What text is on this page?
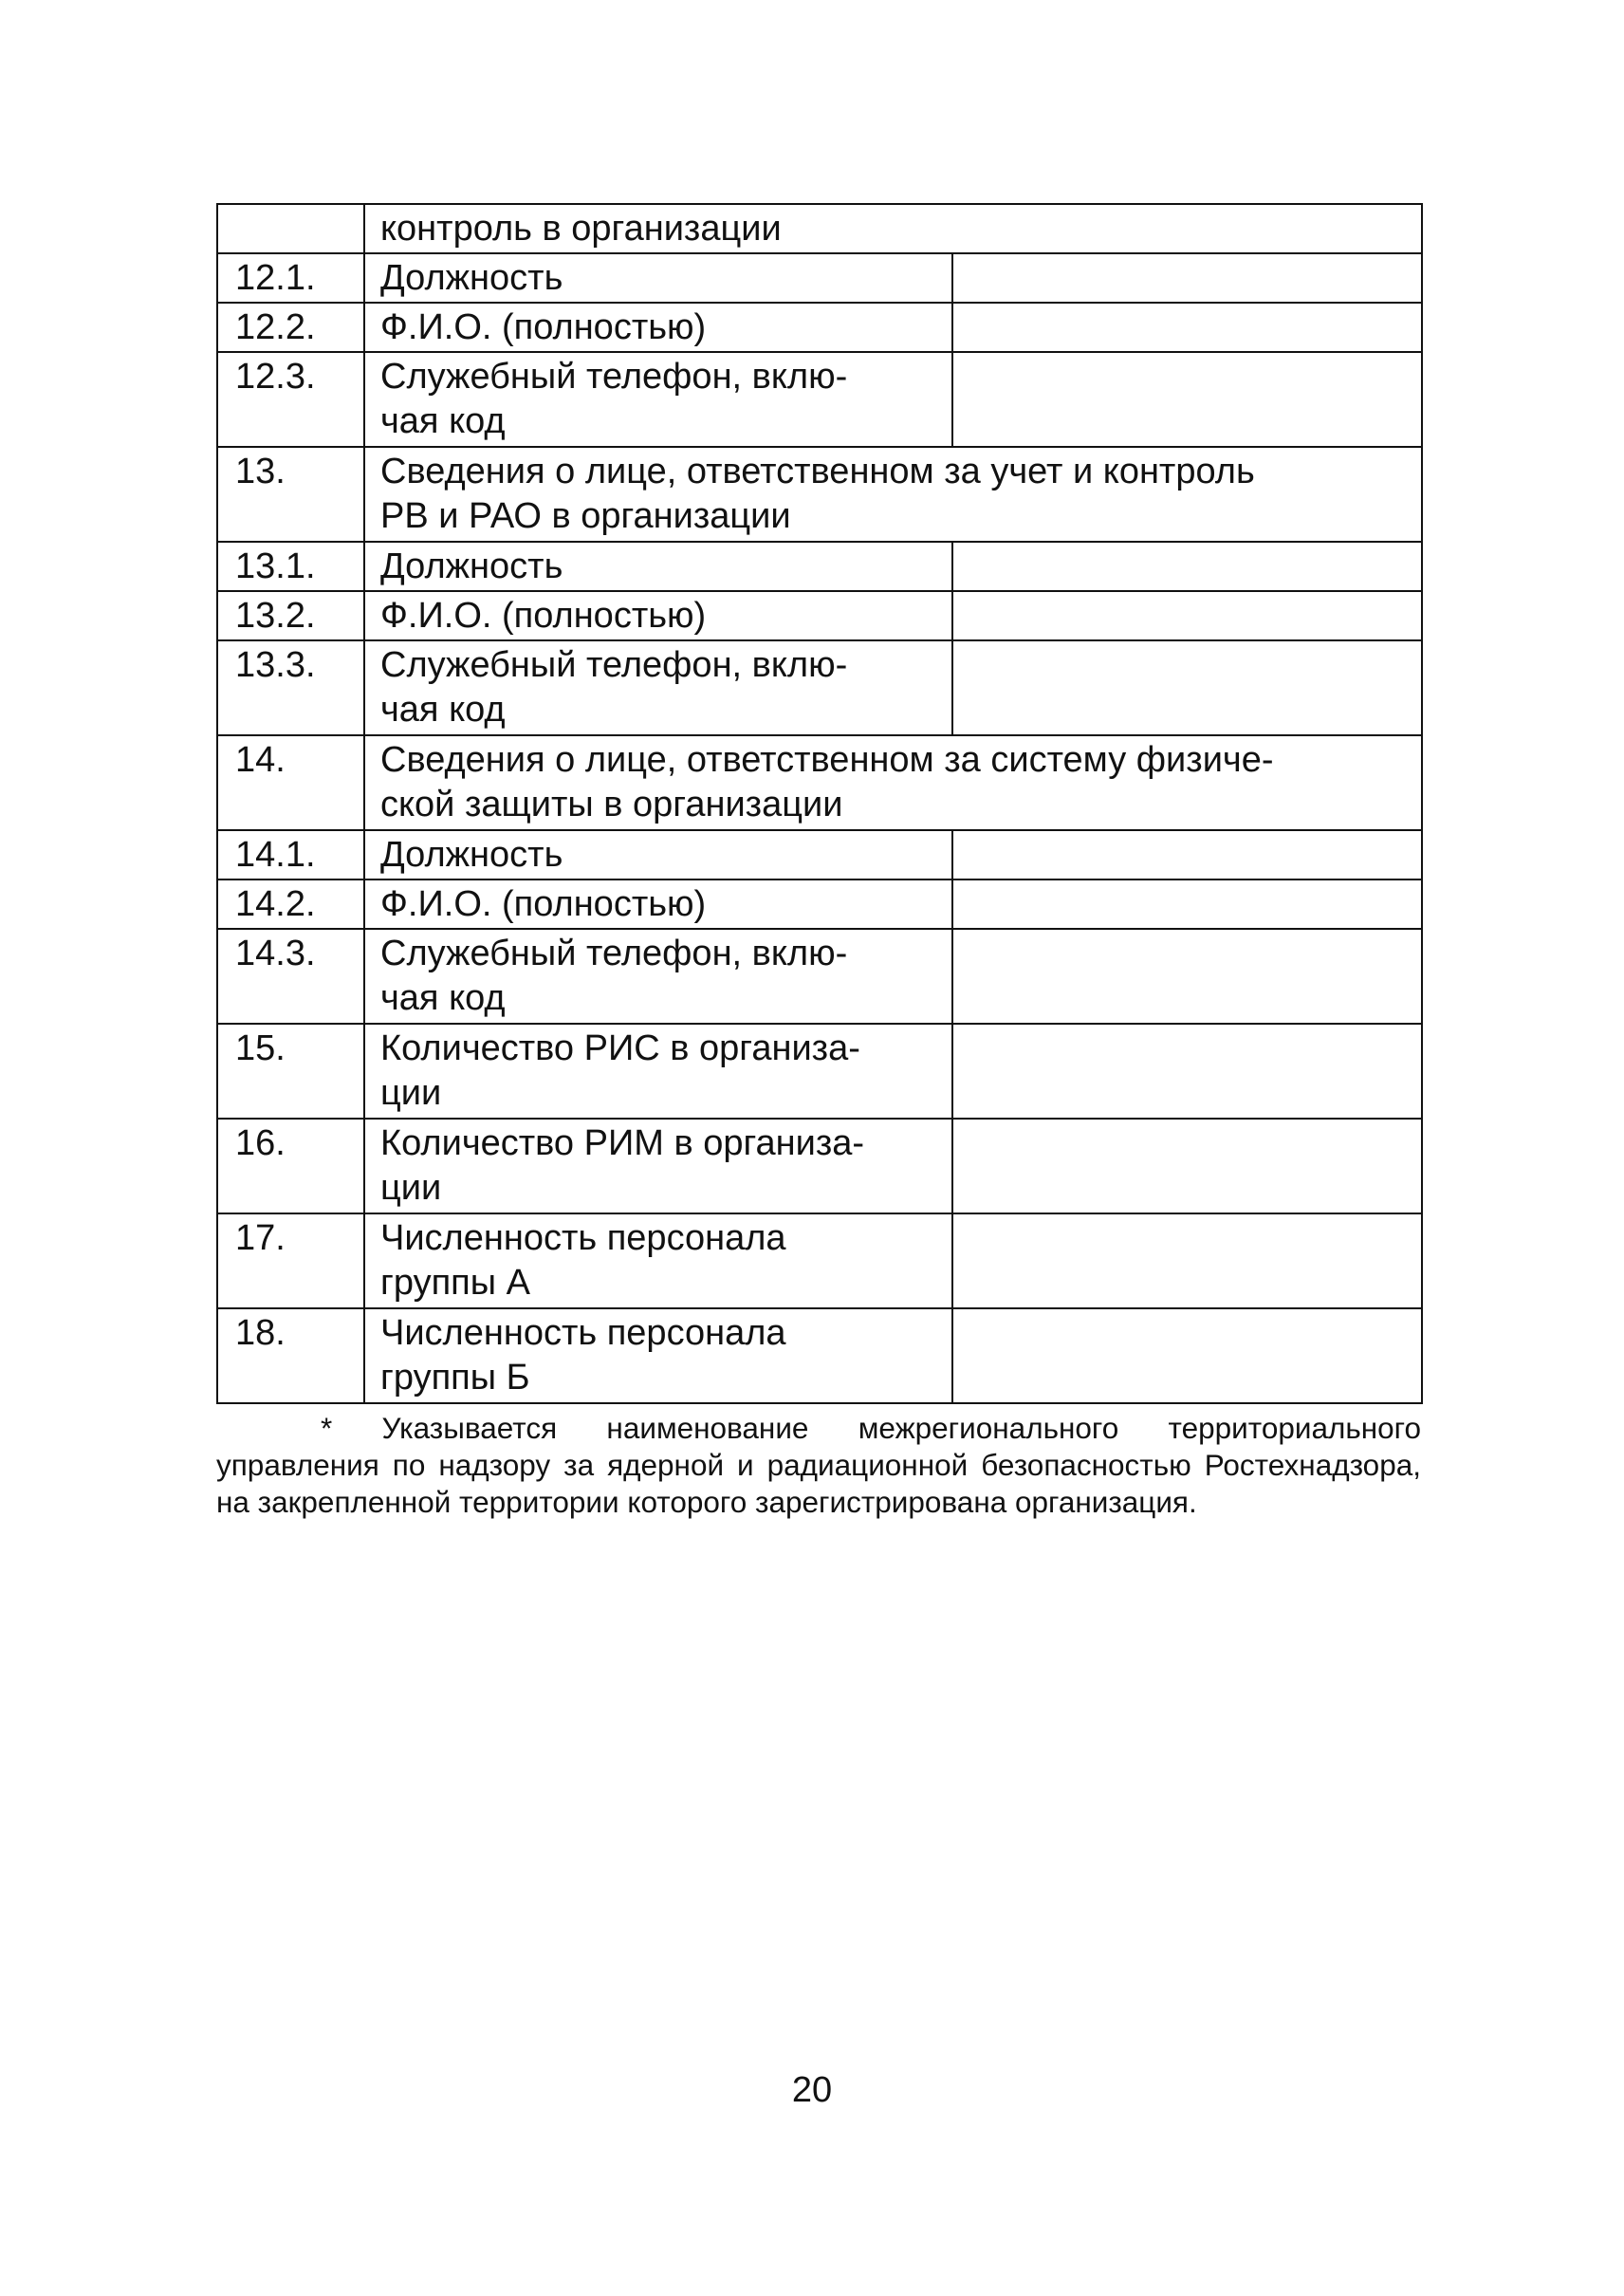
	контроль в организации	
12.1.	Должность	
12.2.	Ф.И.О. (полностью)	
12.3.	Служебный телефон, вклю-
чая код	
13.	Сведения о лице, ответственном за учет и контроль
РВ и РАО в организации	
13.1.	Должность	
13.2.	Ф.И.О. (полностью)	
13.3.	Служебный телефон, вклю-
чая код	
14.	Сведения о лице, ответственном за систему физиче-
ской защиты в организации	
14.1.	Должность	
14.2.	Ф.И.О. (полностью)	
14.3.	Служебный телефон, вклю-
чая код	
15.	Количество РИС в организа-
ции	
16.	Количество РИМ в организа-
ции	
17.	Численность персонала
группы А	
18.	Численность персонала
группы Б	
* Указывается наименование межрегионального территориального управления по надзору за ядерной и радиационной безопасностью Ростехнадзора, на закрепленной территории которого зарегистрирована организация.
20
